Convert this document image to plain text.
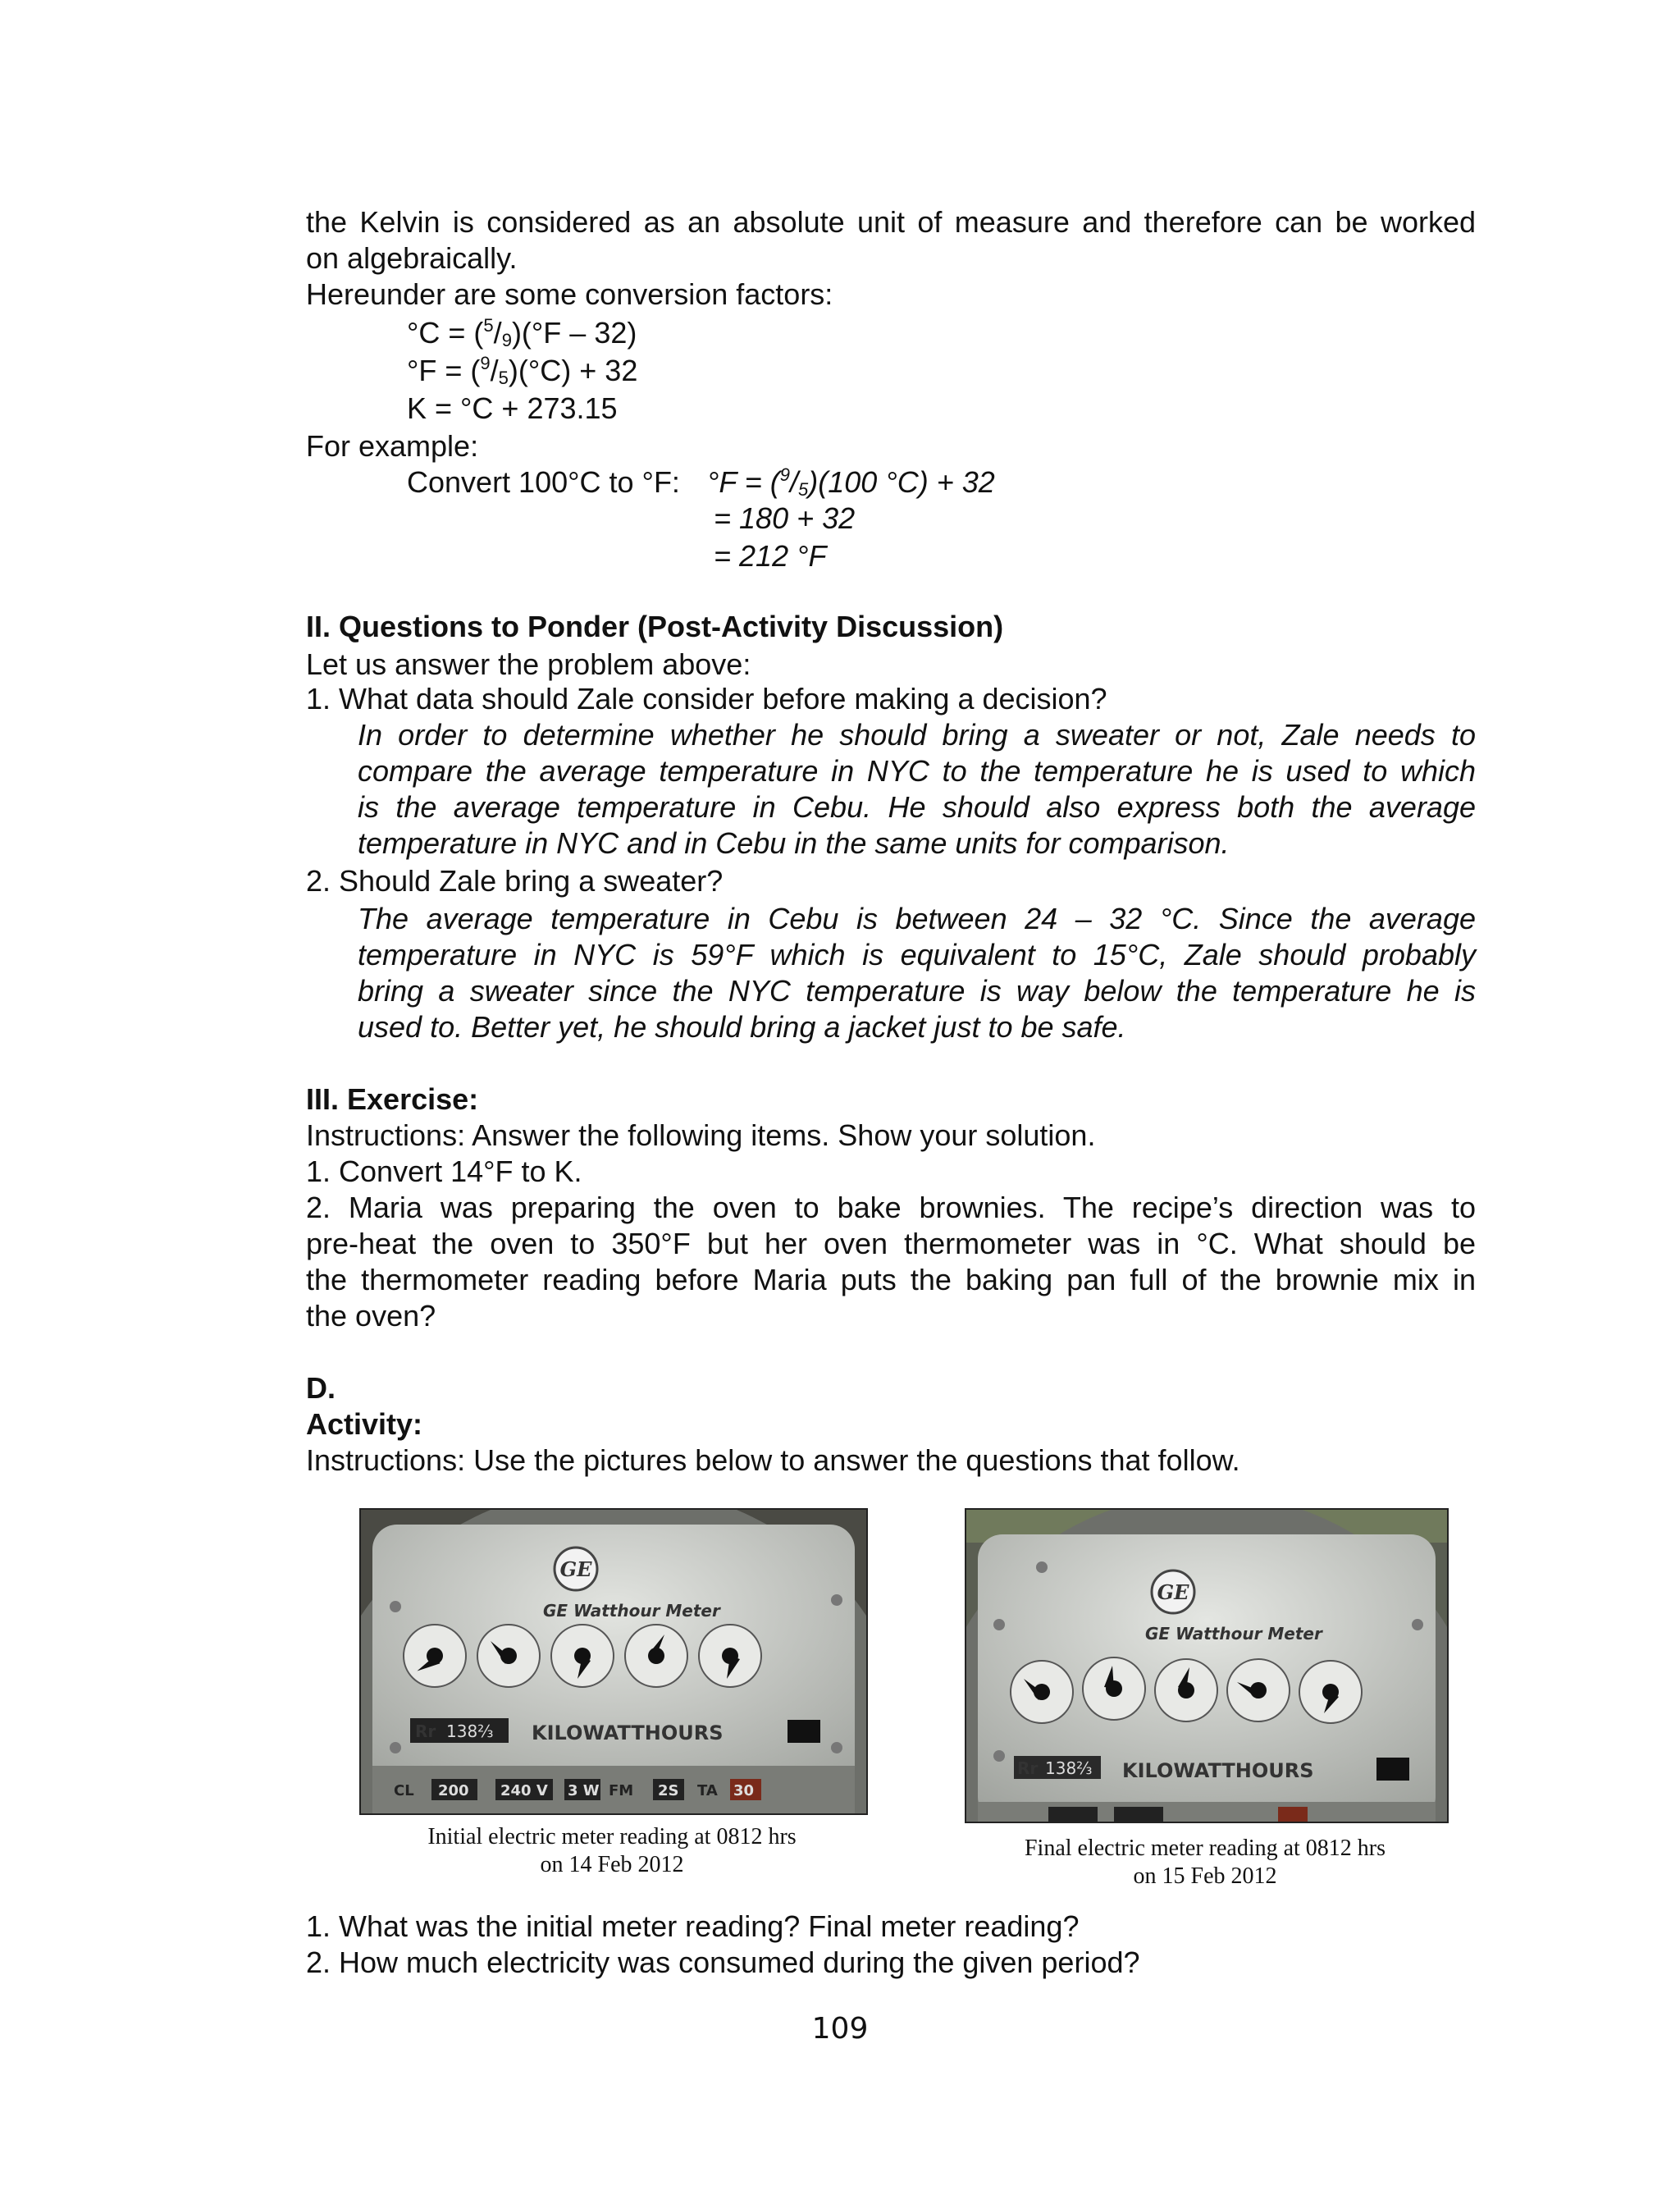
the Kelvin is considered as an absolute unit of measure and therefore can be worked
on algebraically.
Hereunder are some conversion factors:
$^\circ C = (^5/_9)(^\circ F - 32)$
$^\circ F = (^9/_5)(^\circ C) + 32$
K = °C + 273.15
For example:
Convert 100°C to °F: $^\circ F = (^9/_5)(100$ °C) + 32
= 180 + 32
= 212 °F
II. Questions to Ponder (Post-Activity Discussion)
Let us answer the problem above:
1. What data should Zale consider before making a decision?
In order to determine whether he should bring a sweater or not, Zale needs to
compare the average temperature in NYC to the temperature he is used to which
is the average temperature in Cebu. He should also express both the average
temperature in NYC and in Cebu in the same units for comparison.
2. Should Zale bring a sweater?
The average temperature in Cebu is between 24 – 32 °C. Since the average
temperature in NYC is 59°F which is equivalent to 15°C, Zale should probably
bring a sweater since the NYC temperature is way below the temperature he is
used to. Better yet, he should bring a jacket just to be safe.
III. Exercise:
Instructions: Answer the following items. Show your solution.
1. Convert 14°F to K.
2. Maria was preparing the oven to bake brownies. The recipe’s direction was to
pre-heat the oven to 350°F but her oven thermometer was in °C. What should be
the thermometer reading before Maria puts the baking pan full of the brownie mix in
the oven?
D.
Activity:
Instructions: Use the pictures below to answer the questions that follow.
GE
GE Watthour Meter
Rr 138⅔ KILOWATTHOURS
CL 200 240 V 3 W FM 2S TA 30
Initial electric meter reading at 0812 hrs
on 14 Feb 2012
GE
GE Watthour Meter
Rr 138⅔ KILOWATTHOURS
Final electric meter reading at 0812 hrs
on 15 Feb 2012
1. What was the initial meter reading? Final meter reading?
2. How much electricity was consumed during the given period?
109
